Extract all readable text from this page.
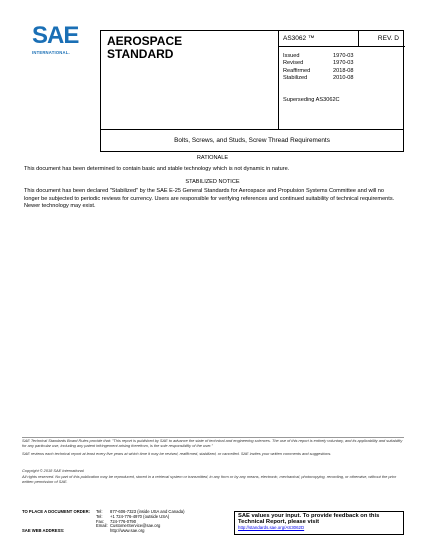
SAE
INTERNATIONAL.
AEROSPACE
STANDARD
AS3062 ™	REV. D
Issued	1970-03
Revised	1970-03
Reaffirmed	2018-08
Stabilized	2010-08
Superseding AS3062C
Bolts, Screws, and Studs, Screw Thread Requirements
RATIONALE
This document has been determined to contain basic and stable technology which is not dynamic in nature.
STABILIZED NOTICE
This document has been declared "Stabilized" by the SAE E-25 General Standards for Aerospace and Propulsion Systems Committee and will no longer be subjected to periodic reviews for currency. Users are responsible for verifying references and continued suitability of technical requirements. Newer technology may exist.
SAE Technical Standards Board Rules provide that: "This report is published by SAE to advance the state of technical and engineering sciences. The use of this report is entirely voluntary, and its applicability and suitability for any particular use, including any patent infringement arising therefrom, is the sole responsibility of the user."
SAE reviews each technical report at least every five years at which time it may be revised, reaffirmed, stabilized, or cancelled. SAE invites your written comments and suggestions.
Copyright © 2018 SAE International
All rights reserved. No part of this publication may be reproduced, stored in a retrieval system or transmitted, in any form or by any means, electronic, mechanical, photocopying, recording, or otherwise, without the prior written permission of SAE.
TO PLACE A DOCUMENT ORDER:	Tel: 877-606-7323 (inside USA and Canada)
Tel: +1 724-776-4970 (outside USA)
Fax: 724-776-0790
Email: CustomerService@sae.org
SAE WEB ADDRESS:	http://www.sae.org
SAE values your input. To provide feedback on this
Technical Report, please visit
http://standards.sae.org/AS3062D
